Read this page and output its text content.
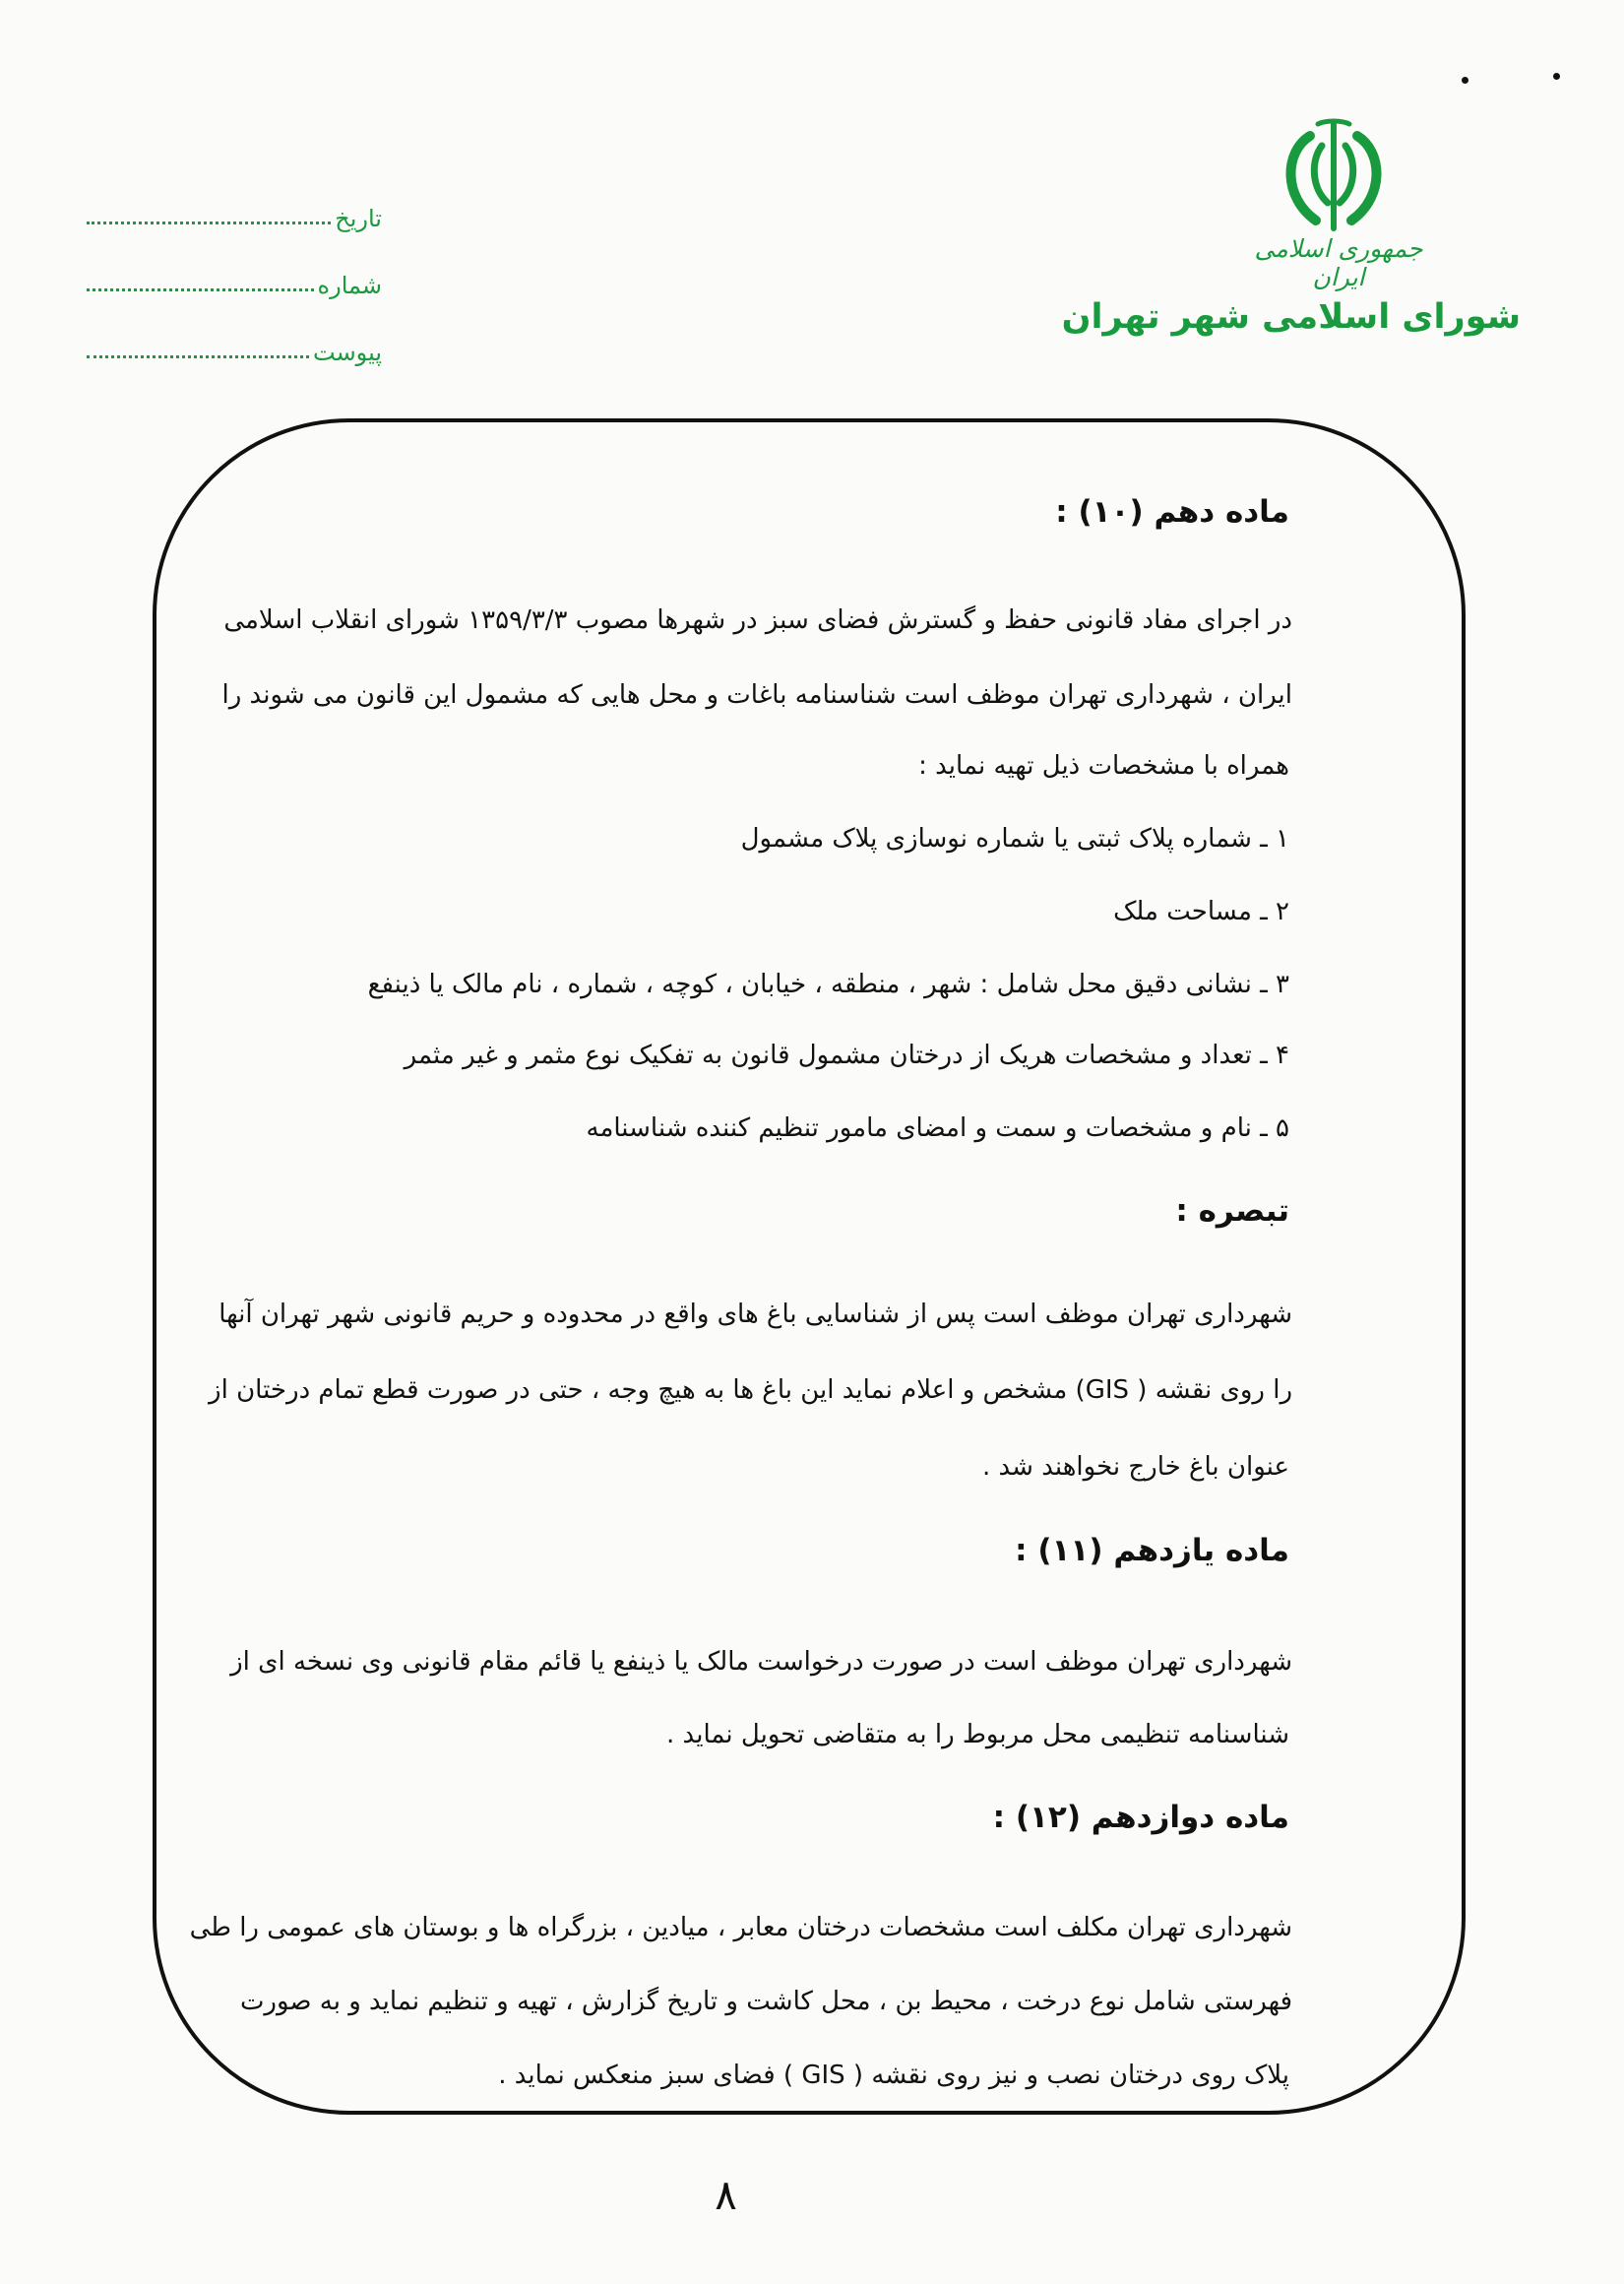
تاریخ
شماره
پیوست
جمهوری اسلامی ایران
شورای اسلامی شهر تهران
ماده دهم (۱۰) :
در اجرای مفاد قانونی حفظ و گسترش فضای سبز در شهرها مصوب ۱۳۵۹/۳/۳ شورای انقلاب اسلامی
ایران ، شهرداری تهران موظف است شناسنامه باغات و محل هایی که مشمول این قانون می شوند را
همراه با مشخصات ذیل تهیه نماید :
۱ ـ شماره پلاک ثبتی یا شماره نوسازی پلاک مشمول
۲ ـ مساحت ملک
۳ ـ نشانی دقیق محل شامل : شهر ، منطقه ، خیابان ، کوچه ، شماره ، نام مالک یا ذینفع
۴ ـ تعداد و مشخصات هریک از درختان مشمول قانون به تفکیک نوع مثمر و غیر مثمر
۵ ـ نام و مشخصات و سمت و امضای مامور تنظیم کننده شناسنامه
تبصره :
شهرداری تهران موظف است پس از شناسایی باغ های واقع در محدوده و حریم قانونی شهر تهران آنها
را روی نقشه ( GIS) مشخص و اعلام نماید این باغ ها به هیچ وجه ، حتی در صورت قطع تمام درختان از
عنوان باغ خارج نخواهند شد .
ماده یازدهم (۱۱) :
شهرداری تهران موظف است در صورت درخواست مالک یا ذینفع یا قائم مقام قانونی وی نسخه ای از
شناسنامه تنظیمی محل مربوط را به متقاضی تحویل نماید .
ماده دوازدهم (۱۲) :
شهرداری تهران مکلف است مشخصات درختان معابر ، میادین ، بزرگراه ها و بوستان های عمومی را طی
فهرستی شامل نوع درخت ، محیط بن ، محل کاشت و تاریخ گزارش ، تهیه و تنظیم نماید و به صورت
پلاک روی درختان نصب و نیز روی نقشه ( GIS ) فضای سبز منعکس نماید .
۸
